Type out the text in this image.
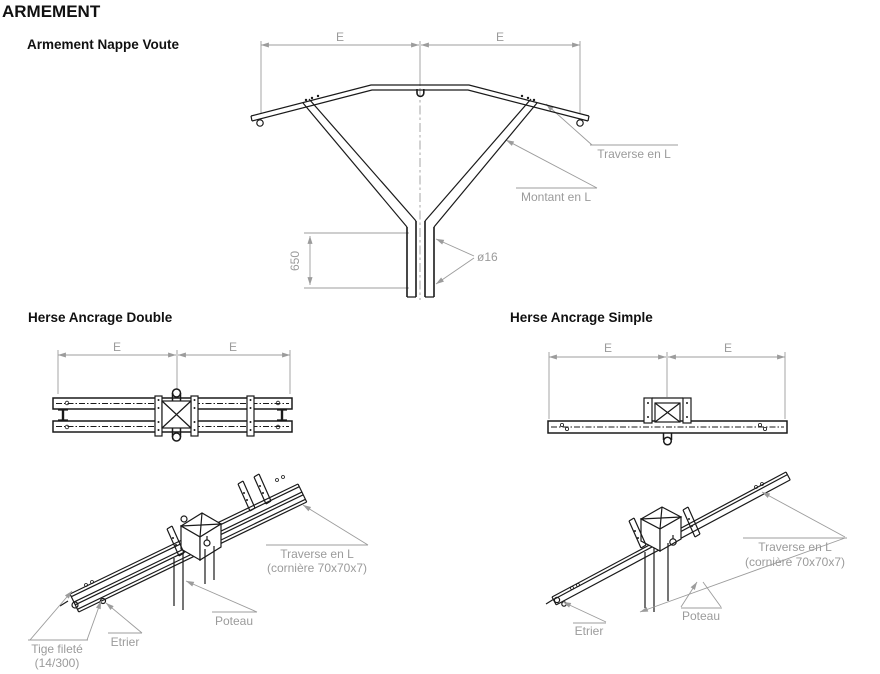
ARMEMENT
Armement Nappe Voute
Herse Ancrage Double	Herse Ancrage Simple
E	E
650	ø16
Traverse en L
Montant en L
E	E	E	E
Traverse en L
(cornière 70x70x7)
Poteau
Etrier
Tige fileté
(14/300)
Traverse en L
(cornière 70x70x7)
Poteau
Etrier
